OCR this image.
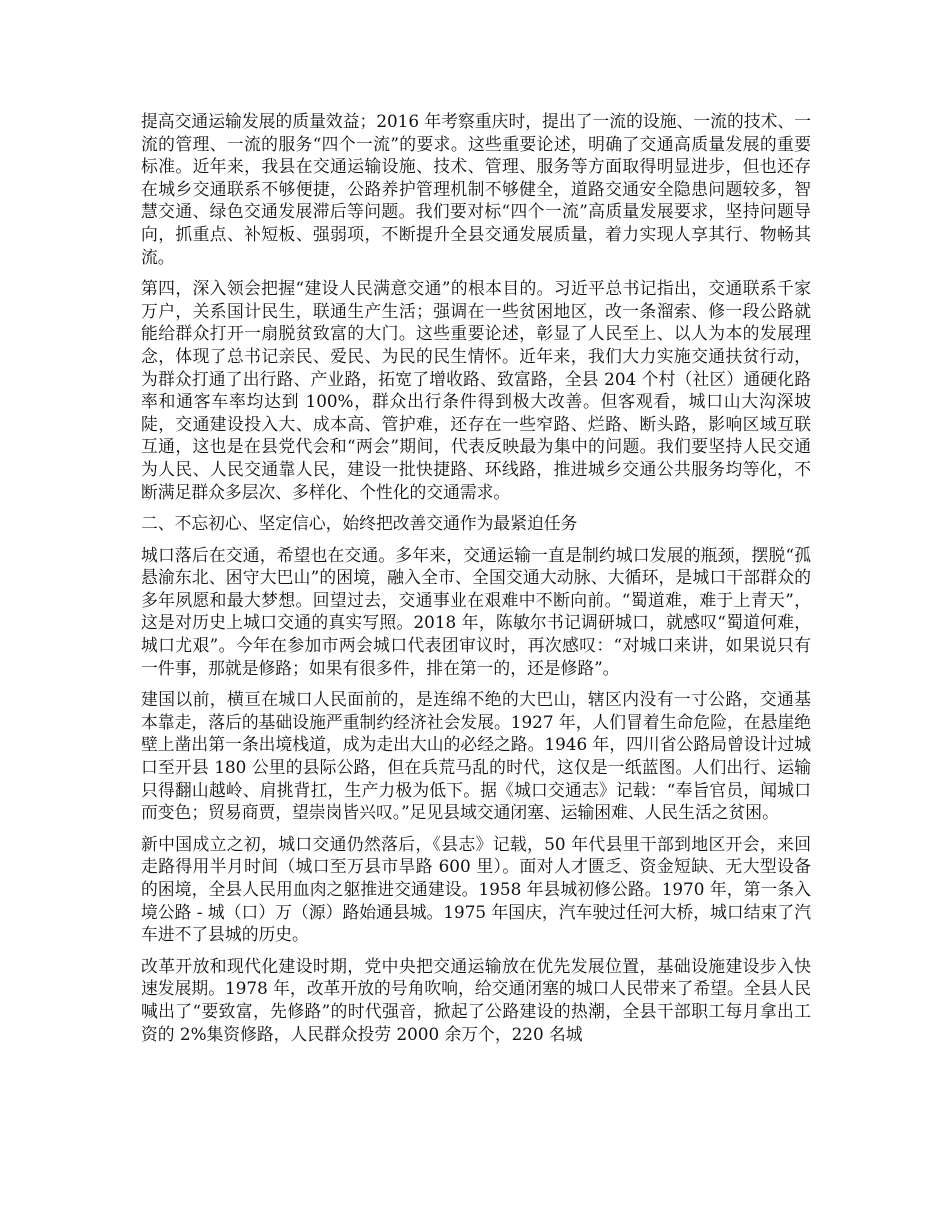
提高交通运输发展的质量效益；2016 年考察重庆时，提出了一流的设施、一流的技术、一流的管理、一流的服务“四个一流”的要求。这些重要论述，明确了交通高质量发展的重要标准。近年来，我县在交通运输设施、技术、管理、服务等方面取得明显进步，但也还存在城乡交通联系不够便捷，公路养护管理机制不够健全，道路交通安全隐患问题较多，智慧交通、绿色交通发展滞后等问题。我们要对标“四个一流”高质量发展要求，坚持问题导向，抓重点、补短板、强弱项，不断提升全县交通发展质量，着力实现人享其行、物畅其流。

第四，深入领会把握“建设人民满意交通”的根本目的。习近平总书记指出，交通联系千家万户，关系国计民生，联通生产生活；强调在一些贫困地区，改一条溜索、修一段公路就能给群众打开一扇脱贫致富的大门。这些重要论述，彰显了人民至上、以人为本的发展理念，体现了总书记亲民、爱民、为民的民生情怀。近年来，我们大力实施交通扶贫行动，为群众打通了出行路、产业路，拓宽了增收路、致富路，全县 204 个村（社区）通硬化路率和通客车率均达到 100%，群众出行条件得到极大改善。但客观看，城口山大沟深坡陡，交通建设投入大、成本高、管护难，还存在一些窄路、烂路、断头路，影响区域互联互通，这也是在县党代会和“两会”期间，代表反映最为集中的问题。我们要坚持人民交通为人民、人民交通靠人民，建设一批快捷路、环线路，推进城乡交通公共服务均等化，不断满足群众多层次、多样化、个性化的交通需求。

二、不忘初心、坚定信心，始终把改善交通作为最紧迫任务

城口落后在交通，希望也在交通。多年来，交通运输一直是制约城口发展的瓶颈，摆脱“孤悬渝东北、困守大巴山”的困境，融入全市、全国交通大动脉、大循环，是城口干部群众的多年夙愿和最大梦想。回望过去，交通事业在艰难中不断向前。“蜀道难，难于上青天”，这是对历史上城口交通的真实写照。2018 年，陈敏尔书记调研城口，就感叹“蜀道何难，城口尤艰”。今年在参加市两会城口代表团审议时，再次感叹：“对城口来讲，如果说只有一件事，那就是修路；如果有很多件，排在第一的，还是修路”。

建国以前，横亘在城口人民面前的，是连绵不绝的大巴山，辖区内没有一寸公路，交通基本靠走，落后的基础设施严重制约经济社会发展。1927 年，人们冒着生命危险，在悬崖绝壁上凿出第一条出境栈道，成为走出大山的必经之路。1946 年，四川省公路局曾设计过城口至开县 180 公里的县际公路，但在兵荒马乱的时代，这仅是一纸蓝图。人们出行、运输只得翻山越岭、肩挑背扛，生产力极为低下。据《城口交通志》记载：“奉旨官员，闻城口而变色；贸易商贾，望崇岗皆兴叹。”足见县域交通闭塞、运输困难、人民生活之贫困。

新中国成立之初，城口交通仍然落后，《县志》记载，50 年代县里干部到地区开会，来回走路得用半月时间（城口至万县市旱路 600 里）。面对人才匮乏、资金短缺、无大型设备的困境，全县人民用血肉之躯推进交通建设。1958 年县城初修公路。1970 年，第一条入境公路 - 城（口）万（源）路始通县城。1975 年国庆，汽车驶过任河大桥，城口结束了汽车进不了县城的历史。

改革开放和现代化建设时期，党中央把交通运输放在优先发展位置，基础设施建设步入快速发展期。1978 年，改革开放的号角吹响，给交通闭塞的城口人民带来了希望。全县人民喊出了“要致富，先修路”的时代强音，掀起了公路建设的热潮，全县干部职工每月拿出工资的 2%集资修路，人民群众投劳 2000 余万个，220 名城
